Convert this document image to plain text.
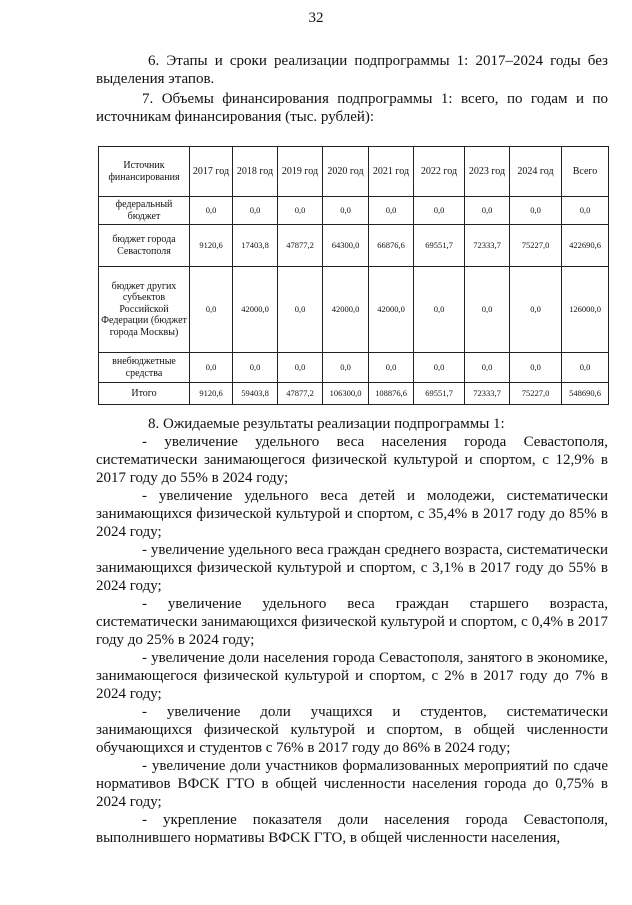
32
6. Этапы и сроки реализации подпрограммы 1: 2017–2024 годы без выделения этапов.
7. Объемы финансирования подпрограммы 1: всего, по годам и по источникам финансирования (тыс. рублей):
Источник финансирования	2017 год	2018 год	2019 год	2020 год	2021 год	2022 год	2023 год	2024 год	Всего
федеральный бюджет	0,0	0,0	0,0	0,0	0,0	0,0	0,0	0,0	0,0
бюджет города Севастополя	9120,6	17403,8	47877,2	64300,0	66876,6	69551,7	72333,7	75227,0	422690,6
бюджет других субъектов Российской Федерации (бюджет города Москвы)	0,0	42000,0	0,0	42000,0	42000,0	0,0	0,0	0,0	126000,0
внебюджетные средства	0,0	0,0	0,0	0,0	0,0	0,0	0,0	0,0	0,0
Итого	9120,6	59403,8	47877,2	106300,0	108876,6	69551,7	72333,7	75227,0	548690,6
8. Ожидаемые результаты реализации подпрограммы 1:
- увеличение удельного веса населения города Севастополя, систематически занимающегося физической культурой и спортом, с 12,9% в 2017 году до 55% в 2024 году;
- увеличение удельного веса детей и молодежи, систематически занимающихся физической культурой и спортом, с 35,4% в 2017 году до 85% в 2024 году;
- увеличение удельного веса граждан среднего возраста, систематически занимающихся физической культурой и спортом, с 3,1% в 2017 году до 55% в 2024 году;
- увеличение удельного веса граждан старшего возраста, систематически занимающихся физической культурой и спортом, с 0,4% в 2017 году до 25% в 2024 году;
- увеличение доли населения города Севастополя, занятого в экономике, занимающегося физической культурой и спортом, с 2% в 2017 году до 7% в 2024 году;
- увеличение доли учащихся и студентов, систематически занимающихся физической культурой и спортом, в общей численности обучающихся и студентов с 76% в 2017 году до 86% в 2024 году;
- увеличение доли участников формализованных мероприятий по сдаче нормативов ВФСК ГТО в общей численности населения города до 0,75% в 2024 году;
- укрепление показателя доли населения города Севастополя, выполнившего нормативы ВФСК ГТО, в общей численности населения,
